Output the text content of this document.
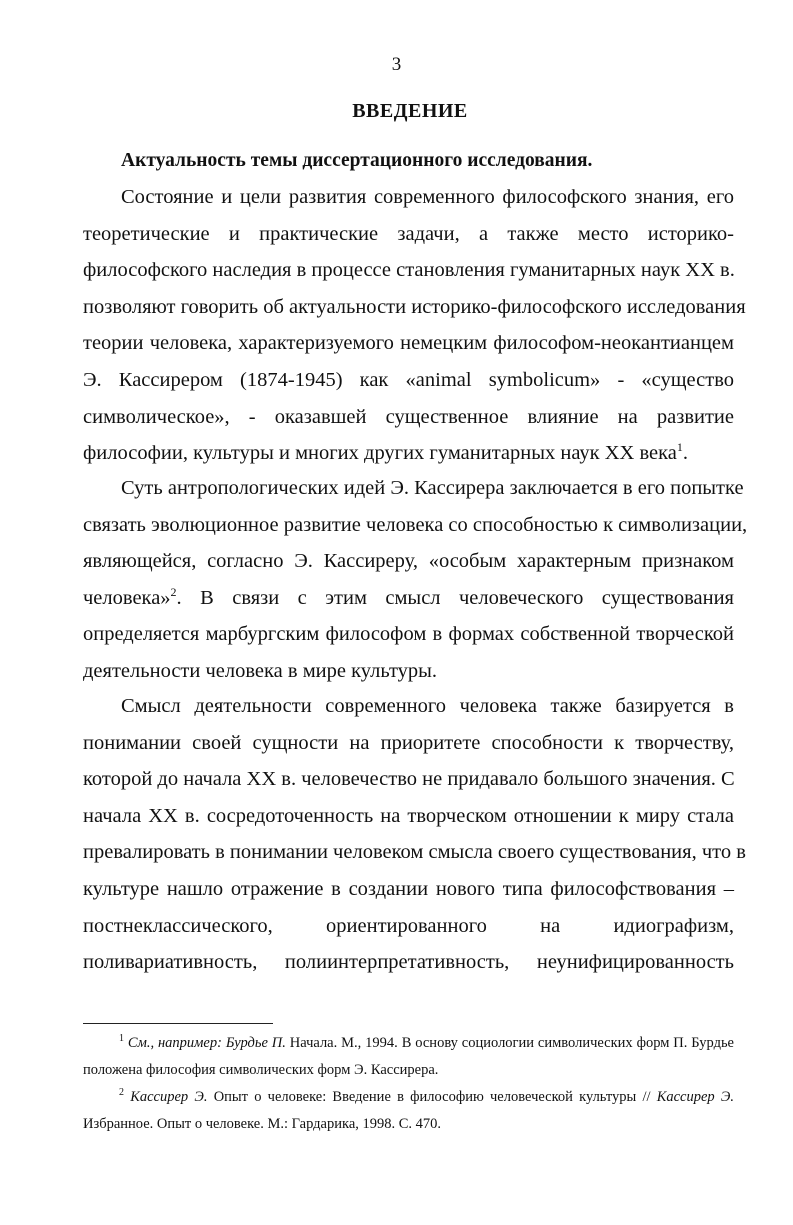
3
ВВЕДЕНИЕ
Актуальность темы диссертационного исследования.
Состояние и цели развития современного философского знания, его
теоретические и практические задачи, а также место историко-
философского наследия в процессе становления гуманитарных наук XX в.
позволяют говорить об актуальности историко-философского исследования
теории человека, характеризуемого немецким философом-неокантианцем
Э. Кассирером (1874-1945) как «animal symbolicum» - «существо
символическое», - оказавшей существенное влияние на развитие
философии, культуры и многих других гуманитарных наук XX века$^1$.
Суть антропологических идей Э. Кассирера заключается в его попытке
связать эволюционное развитие человека со способностью к символизации,
являющейся, согласно Э. Кассиреру, «особым характерным признаком
человека»$^2$. В связи с этим смысл человеческого существования
определяется марбургским философом в формах собственной творческой
деятельности человека в мире культуры.
Смысл деятельности современного человека также базируется в
понимании своей сущности на приоритете способности к творчеству,
которой до начала XX в. человечество не придавало большого значения. С
начала XX в. сосредоточенность на творческом отношении к миру стала
превалировать в понимании человеком смысла своего существования, что в
культуре нашло отражение в создании нового типа философствования –
постнеклассического, ориентированного на идиографизм,
поливариативность, полиинтерпретативность, неунифицированность
$^1$ См., например: Бурдье П. Начала. М., 1994. В основу социологии символических форм П. Бурдье
положена философия символических форм Э. Кассирера.
$^2$ Кассирер Э. Опыт о человеке: Введение в философию человеческой культуры // Кассирер Э.
Избранное. Опыт о человеке. М.: Гардарика, 1998. С. 470.
